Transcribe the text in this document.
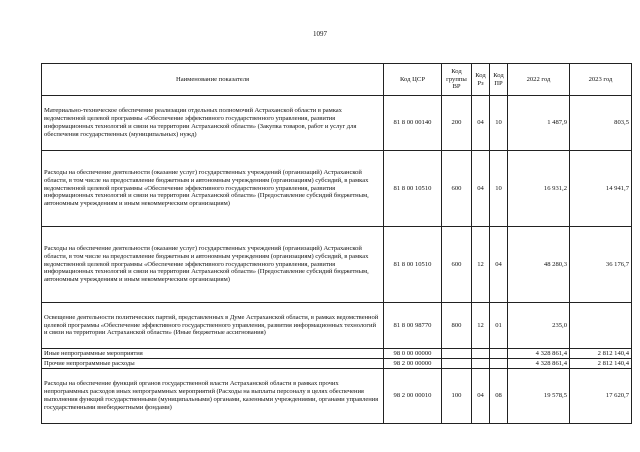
1097
Наименование показателя	Код ЦСР	Код группы ВР	Код Рз	Код ПР	2022 год	2023 год
Материально-техническое обеспечение реализации отдельных полномочий Астраханской области в рамках ведомственной целевой программы «Обеспечение эффективного государственного управления, развития информационных технологий и связи на территории Астраханской области» (Закупка товаров, работ и услуг для обеспечения государственных (муниципальных) нужд)	81 8 00 00140	200	04	10	1 487,9	803,5
Расходы на обеспечение деятельности (оказание услуг) государственных учреждений (организаций) Астраханской области, в том числе на предоставление бюджетным и автономным учреждениям (организациям) субсидий, в рамках ведомственной целевой программы «Обеспечение эффективного государственного управления, развития информационных технологий и связи на территории Астраханской области» (Предоставление субсидий бюджетным, автономным учреждениям и иным некоммерческим организациям)	81 8 00 10510	600	04	10	16 931,2	14 941,7
Расходы на обеспечение деятельности (оказание услуг) государственных учреждений (организаций) Астраханской области, в том числе на предоставление бюджетным и автономным учреждениям (организациям) субсидий, в рамках ведомственной целевой программы «Обеспечение эффективного государственного управления, развития информационных технологий и связи на территории Астраханской области» (Предоставление субсидий бюджетным, автономным учреждениям и иным некоммерческим организациям)	81 8 00 10510	600	12	04	48 280,3	36 176,7
Освещение деятельности политических партий, представленных в Думе Астраханской области, в рамках ведомственной целевой программы «Обеспечение эффективного государственного управления, развития информационных технологий и связи на территории Астраханской области» (Иные бюджетные ассигнования)	81 8 00 98770	800	12	01	235,0	
Иные непрограммные мероприятия	98 0 00 00000				4 328 861,4	2 812 140,4
Прочие непрограммные расходы	98 2 00 00000				4 328 861,4	2 812 140,4
Расходы на обеспечение функций органов государственной власти Астраханской области в рамках прочих непрограммных расходов иных непрограммных мероприятий (Расходы на выплаты персоналу в целях обеспечения выполнения функций государственными (муниципальными) органами, казенными учреждениями, органами управления государственными внебюджетными фондами)	98 2 00 00010	100	04	08	19 578,5	17 620,7
